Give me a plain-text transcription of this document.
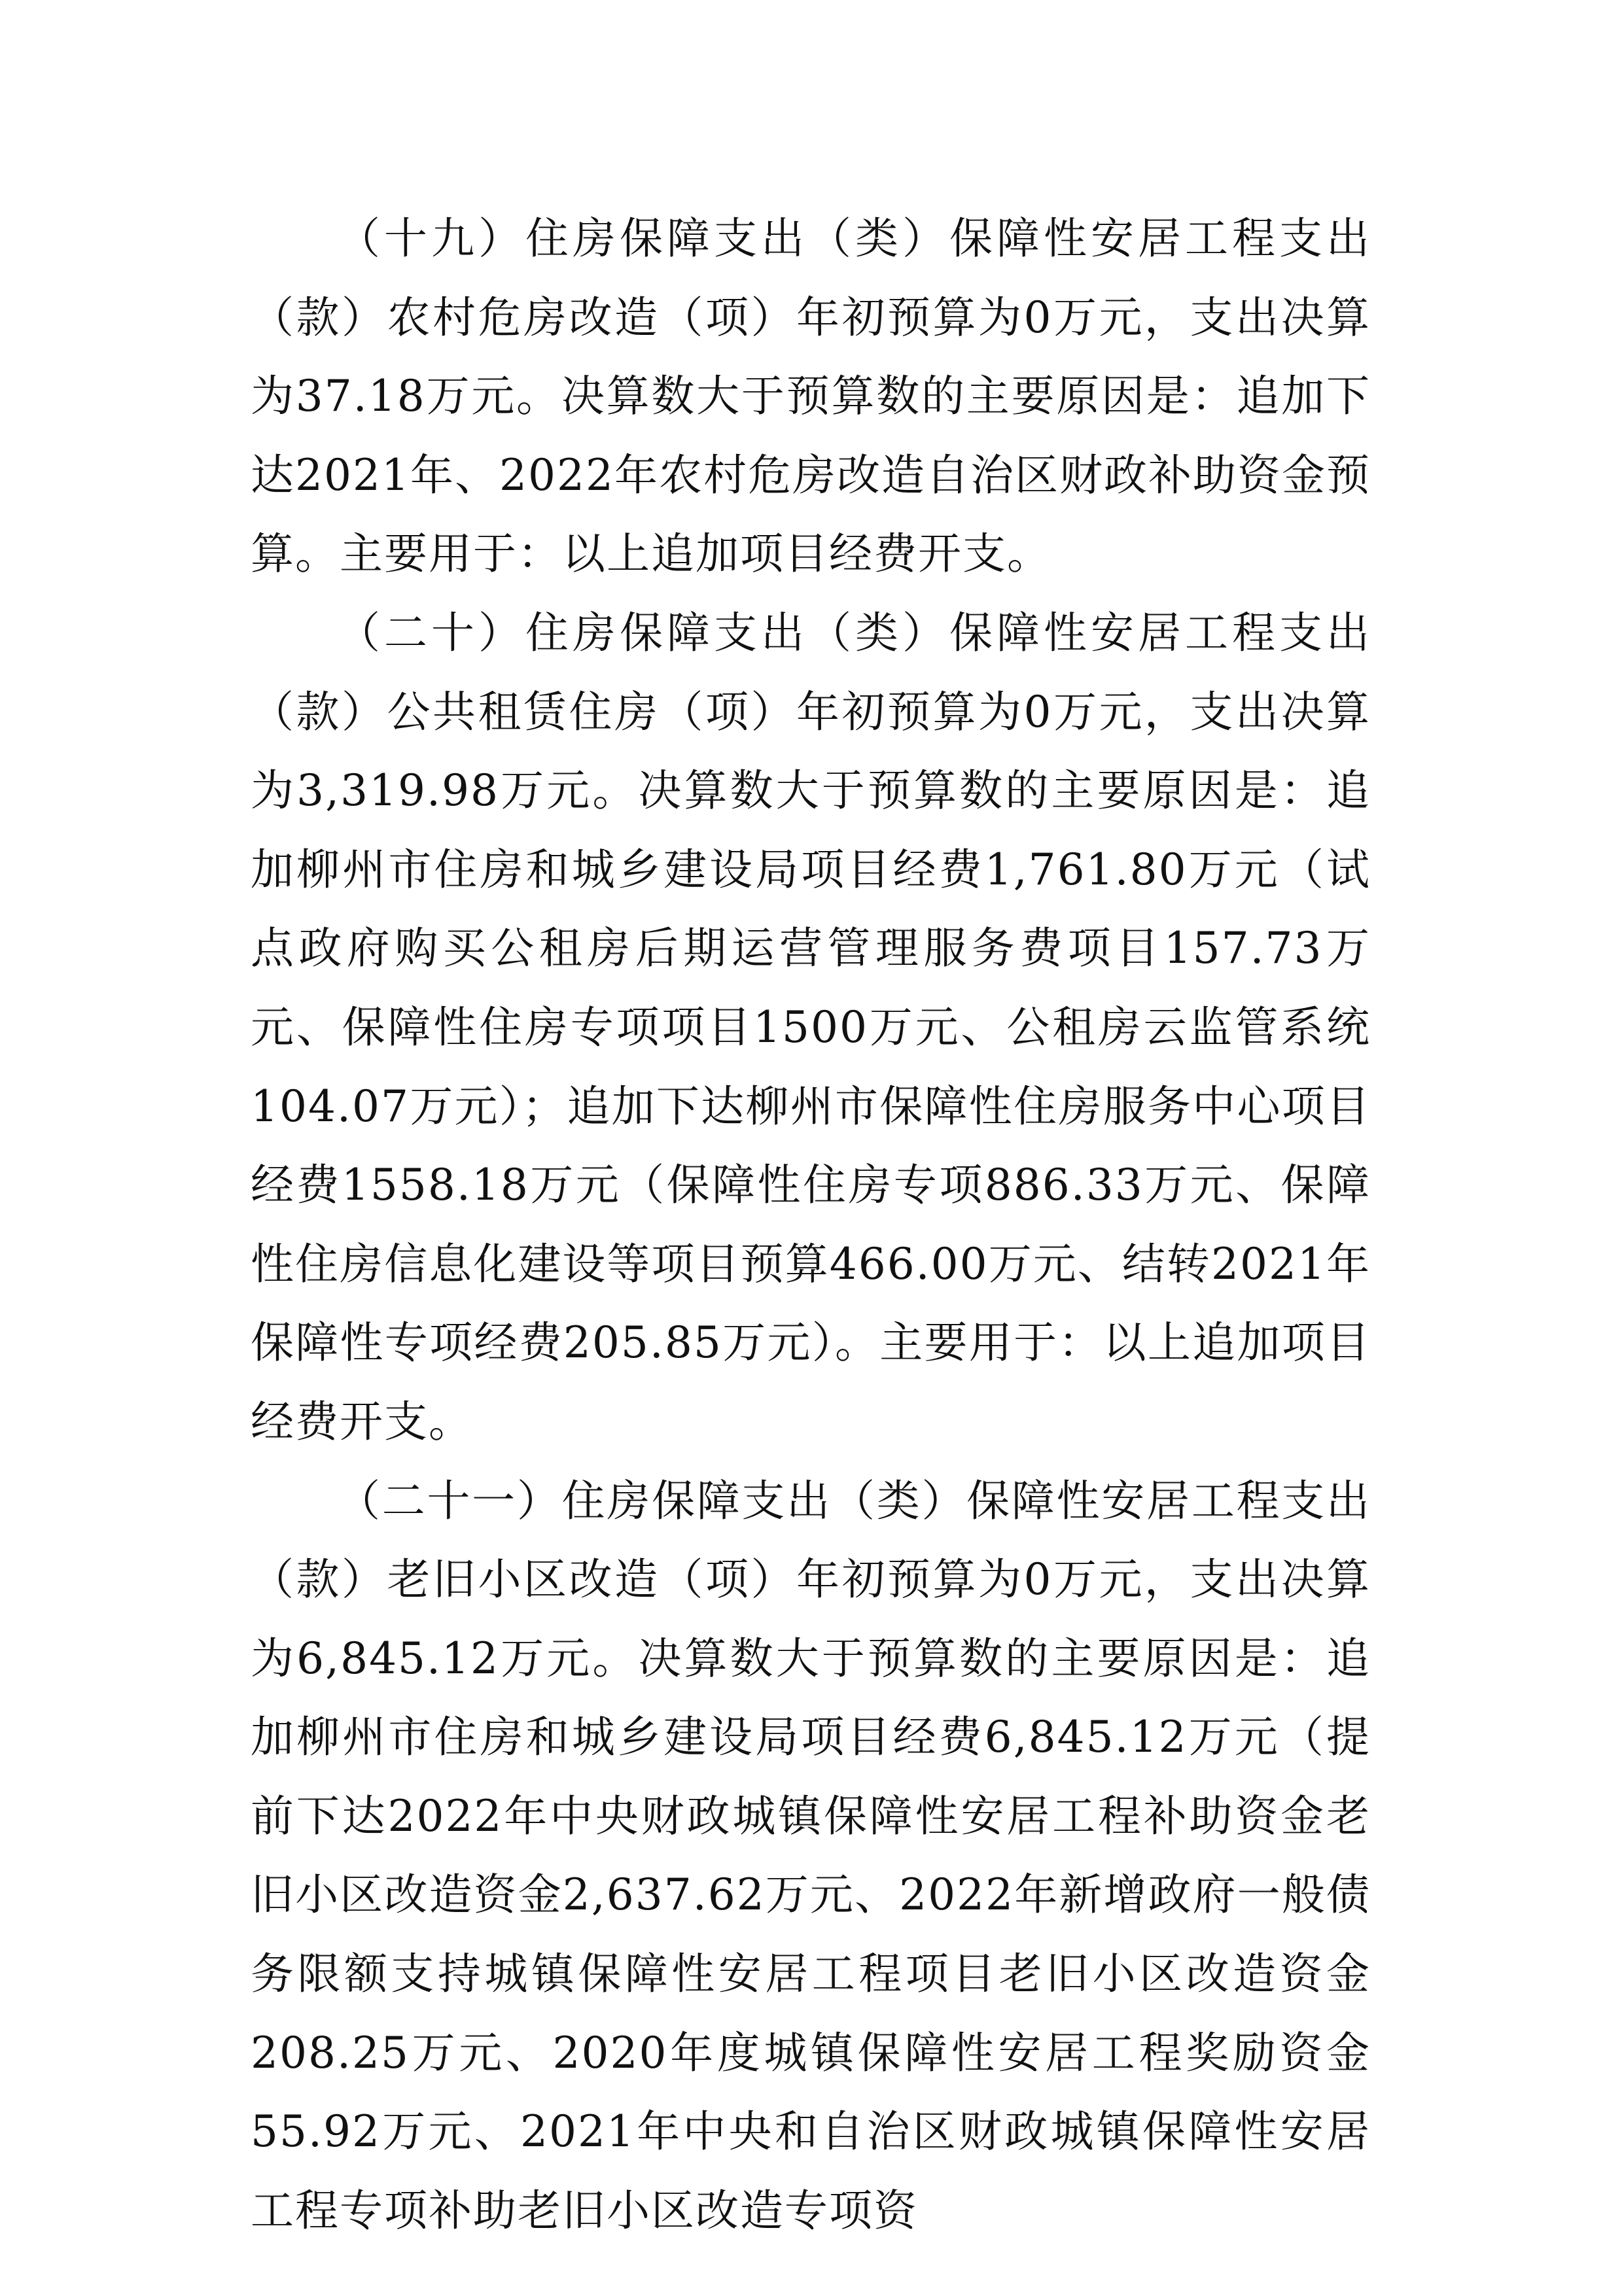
（十九）住房保障支出（类）保障性安居工程支出（款）农村危房改造（项）年初预算为0万元，支出决算为37.18万元。决算数大于预算数的主要原因是：追加下达2021年、2022年农村危房改造自治区财政补助资金预算。主要用于：以上追加项目经费开支。

（二十）住房保障支出（类）保障性安居工程支出（款）公共租赁住房（项）年初预算为0万元，支出决算为3,319.98万元。决算数大于预算数的主要原因是：追加柳州市住房和城乡建设局项目经费1,761.80万元（试点政府购买公租房后期运营管理服务费项目157.73万元、保障性住房专项项目1500万元、公租房云监管系统104.07万元）；追加下达柳州市保障性住房服务中心项目经费1558.18万元（保障性住房专项886.33万元、保障性住房信息化建设等项目预算466.00万元、结转2021年保障性专项经费205.85万元）。主要用于：以上追加项目经费开支。

（二十一）住房保障支出（类）保障性安居工程支出（款）老旧小区改造（项）年初预算为0万元，支出决算为6,845.12万元。决算数大于预算数的主要原因是：追加柳州市住房和城乡建设局项目经费6,845.12万元（提前下达2022年中央财政城镇保障性安居工程补助资金老旧小区改造资金2,637.62万元、2022年新增政府一般债务限额支持城镇保障性安居工程项目老旧小区改造资金208.25万元、2020年度城镇保障性安居工程奖励资金55.92万元、2021年中央和自治区财政城镇保障性安居工程专项补助老旧小区改造专项资
